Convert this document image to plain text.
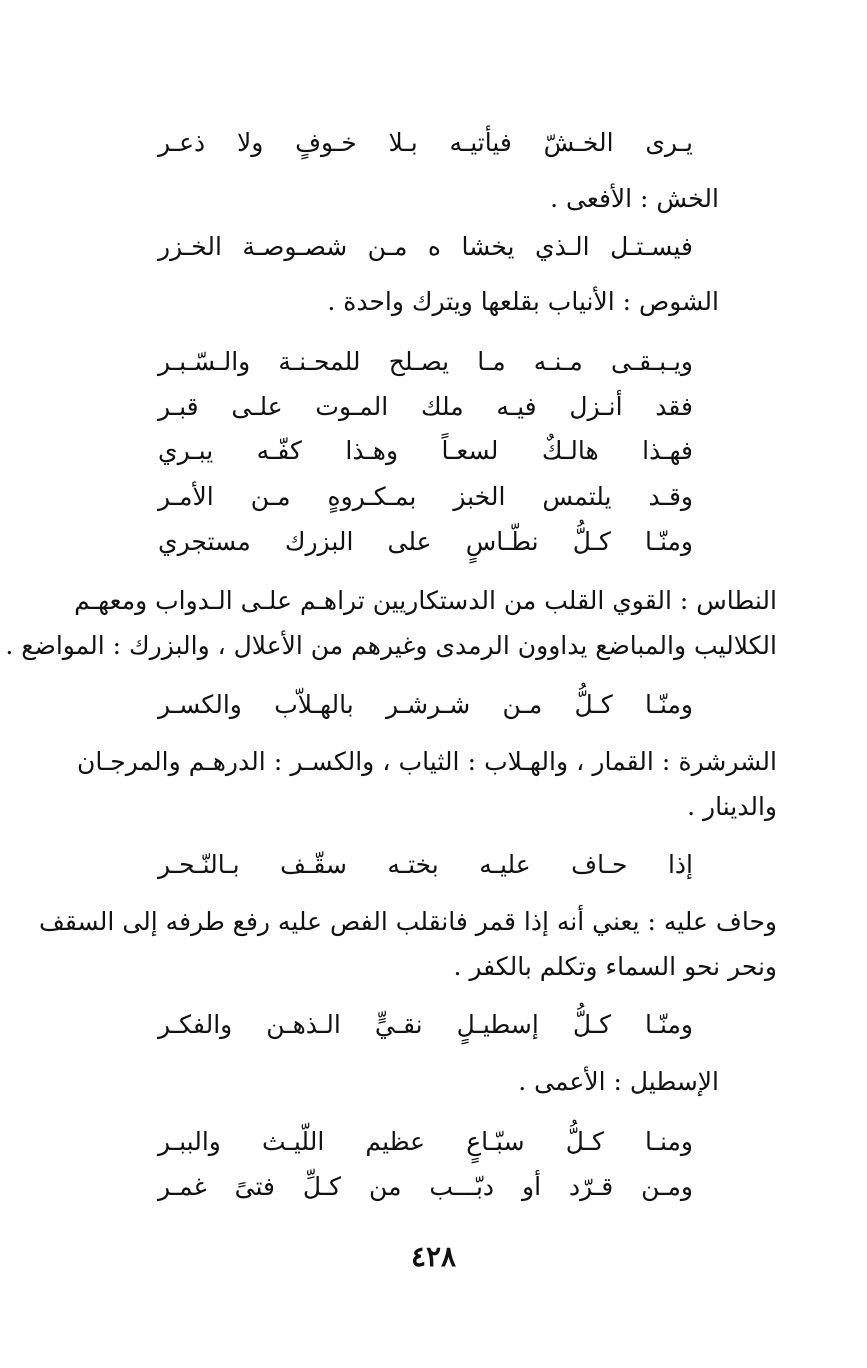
يـرى الخـشّ فيأتيـه بـلا خـوفٍ ولا ذعـر
الخش : الأفعى .
فيسـتـل الـذي يخشا ه مـن شصـوصـة الخـزر
الشوص : الأنياب بقلعها ويترك واحدة .
ويـبـقـى مـنـه مـا يصـلح للمحـنـة والـسّـبـر
فقد أنـزل فيـه ملك المـوت علـى قبـر
فهـذا هالـكٌ لسعـاً وهـذا كفّـه يبـري
وقـد يلتمس الخبز بمـكـروهٍ مـن الأمـر
ومنّـا كـلُّ نطّـاسٍ على البزرك مستجري
النطاس : القوي القلب من الدستكاريين تراهـم علـى الـدواب ومعهـم
الكلاليب والمباضع يداوون الرمدى وغيرهم من الأعلال ، والبزرك : المواضع .
ومنّـا كـلُّ مـن شـرشـر بالهـلاّب والكسـر
الشرشرة : القمار ، والهـلاب : الثياب ، والكسـر : الدرهـم والمرجـان
والدينار .
إذا حـاف عليـه بختـه سقّـف بـالنّـحـر
وحاف عليه : يعني أنه إذا قمر فانقلب الفص عليه رفع طرفه إلى السقف
ونحر نحو السماء وتكلم بالكفر .
ومنّـا كـلُّ إسطيـلٍ نقـيٍّ الـذهـن والفكـر
الإسطيل : الأعمى .
ومنـا كـلُّ سبّـاعٍ عظيم اللّيـث والببـر
ومـن قـرّد أو دبّـــب من كـلِّ فتىً غمـر
٤٢٨
